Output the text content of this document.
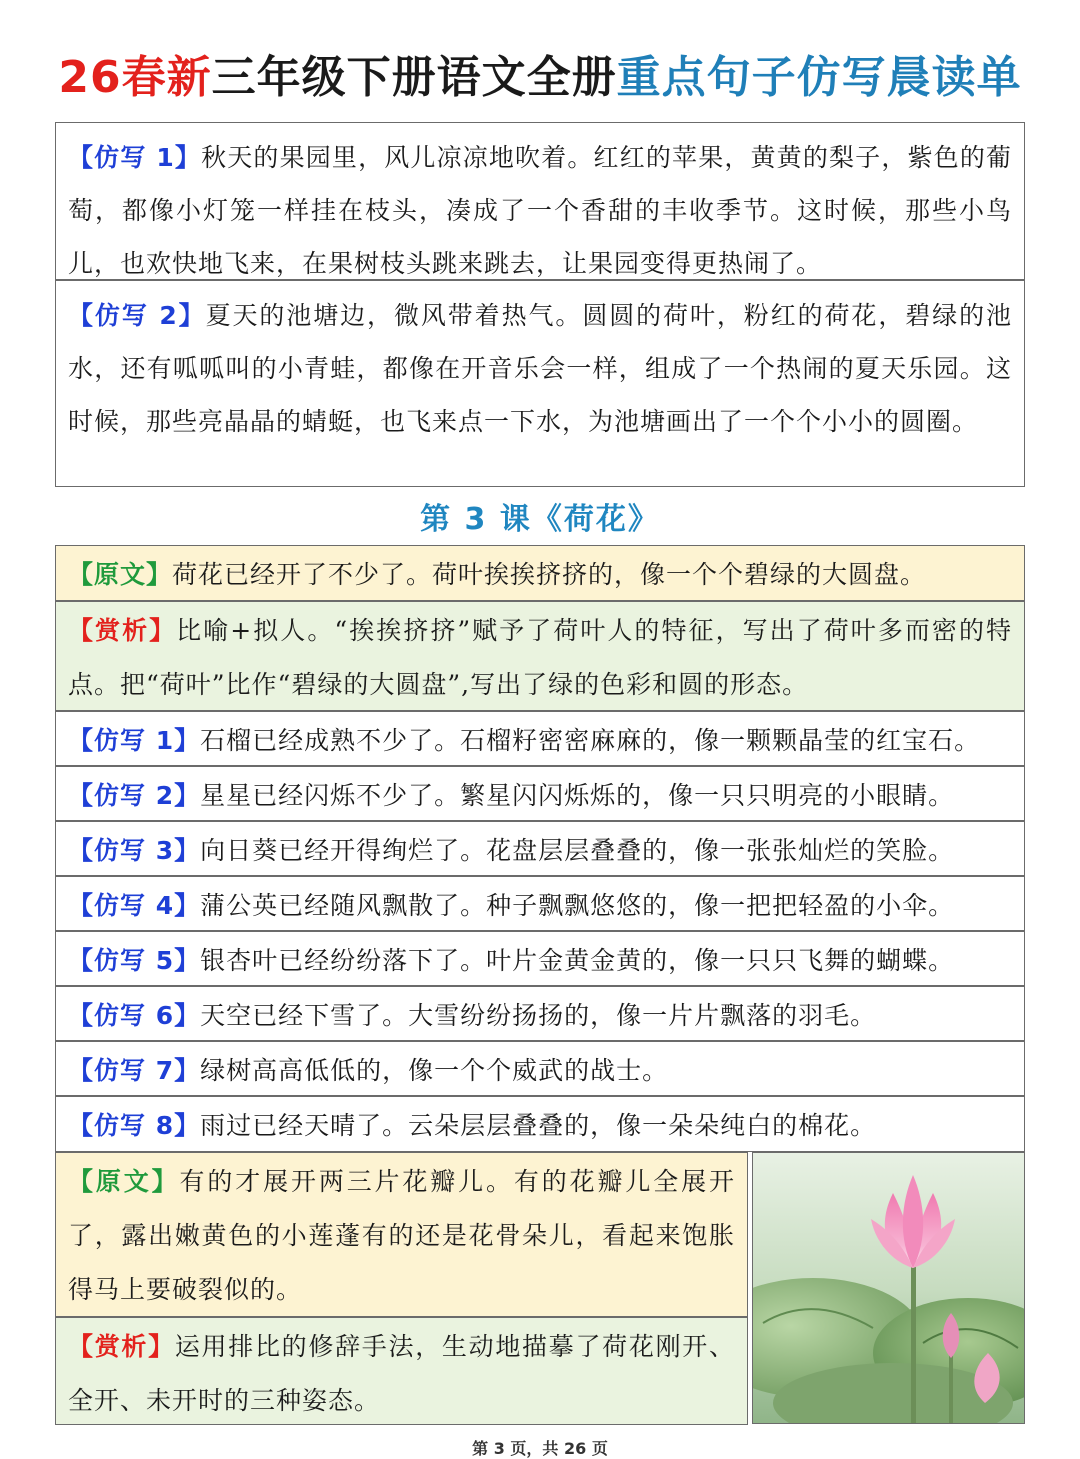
26春新三年级下册语文全册重点句子仿写晨读单
【仿写 1】秋天的果园里，风儿凉凉地吹着。红红的苹果，黄黄的梨子，紫色的葡萄，都像小灯笼一样挂在枝头，凑成了一个香甜的丰收季节。这时候，那些小鸟儿，也欢快地飞来，在果树枝头跳来跳去，让果园变得更热闹了。
【仿写 2】夏天的池塘边，微风带着热气。圆圆的荷叶，粉红的荷花，碧绿的池水，还有呱呱叫的小青蛙，都像在开音乐会一样，组成了一个热闹的夏天乐园。这时候，那些亮晶晶的蜻蜓，也飞来点一下水，为池塘画出了一个个小小的圆圈。
第 3 课《荷花》
【原文】 荷花已经开了不少了。荷叶挨挨挤挤的，像一个个碧绿的大圆盘。
【赏析】比喻+拟人。“挨挨挤挤”赋予了荷叶人的特征，写出了荷叶多而密的特点。把“荷叶”比作“碧绿的大圆盘”,写出了绿的色彩和圆的形态。
【仿写 1】 石榴已经成熟不少了。石榴籽密密麻麻的，像一颗颗晶莹的红宝石。
【仿写 2】 星星已经闪烁不少了。繁星闪闪烁烁的，像一只只明亮的小眼睛。
【仿写 3】 向日葵已经开得绚烂了。花盘层层叠叠的，像一张张灿烂的笑脸。
【仿写 4】 蒲公英已经随风飘散了。种子飘飘悠悠的，像一把把轻盈的小伞。
【仿写 5】 银杏叶已经纷纷落下了。叶片金黄金黄的，像一只只飞舞的蝴蝶。
【仿写 6】 天空已经下雪了。大雪纷纷扬扬的，像一片片飘落的羽毛。
【仿写 7】 绿树高高低低的，像一个个威武的战士。
【仿写 8】 雨过已经天晴了。云朵层层叠叠的，像一朵朵纯白的棉花。
【原文】有的才展开两三片花瓣儿。有的花瓣儿全展开了，露出嫩黄色的小莲蓬有的还是花骨朵儿，看起来饱胀得马上要破裂似的。
【赏析】运用排比的修辞手法，生动地描摹了荷花刚开、全开、未开时的三种姿态。
第 3 页，共 26 页
